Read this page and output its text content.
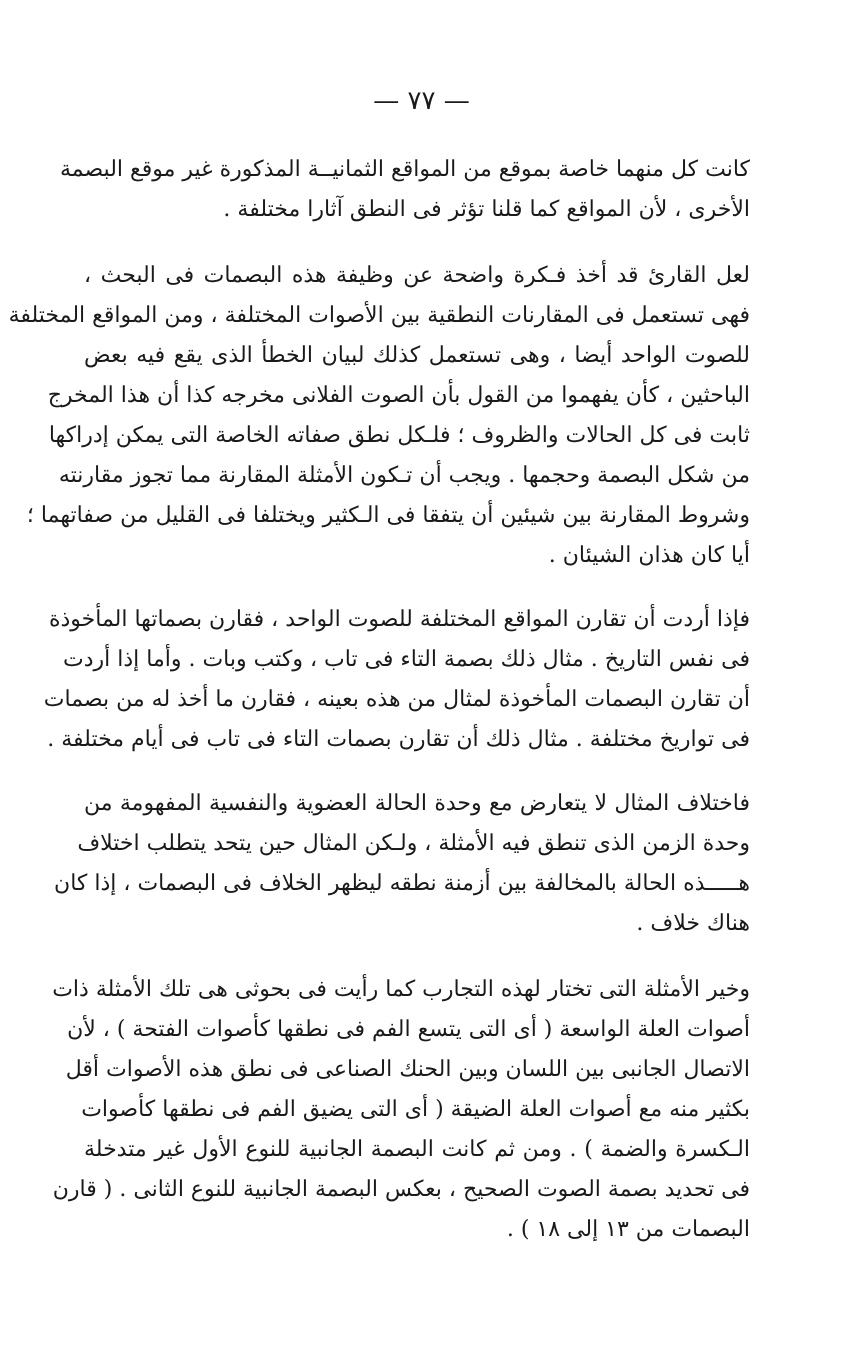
— ٧٧ —
كانت كل منهما خاصة بموقع من المواقع الثمانيــة المذكورة غير موقع البصمة
الأخرى ، لأن المواقع كما قلنا تؤثر فى النطق آثارا مختلفة .
لعل القارئ قد أخذ فـكرة واضحة عن وظيفة هذه البصمات فى البحث ،
فهى تستعمل فى المقارنات النطقية بين الأصوات المختلفة ، ومن المواقع المختلفة
للصوت الواحد أيضا ، وهى تستعمل كذلك لبيان الخطأ الذى يقع فيه بعض
الباحثين ، كأن يفهموا من القول بأن الصوت الفلانى مخرجه كذا أن هذا المخرج
ثابت فى كل الحالات والظروف ؛ فلـكل نطق صفاته الخاصة التى يمكن إدراكها
من شكل البصمة وحجمها . ويجب أن تـكون الأمثلة المقارنة مما تجوز مقارنته
وشروط المقارنة بين شيئين أن يتفقا فى الـكثير ويختلفا فى القليل من صفاتهما ؛
أيا كان هذان الشيئان .
فإذا أردت أن تقارن المواقع المختلفة للصوت الواحد ، فقارن بصماتها المأخوذة
فى نفس التاريخ . مثال ذلك بصمة التاء فى تاب ، وكتب وبات . وأما إذا أردت
أن تقارن البصمات المأخوذة لمثال من هذه بعينه ، فقارن ما أخذ له من بصمات
فى تواريخ مختلفة . مثال ذلك أن تقارن بصمات التاء فى تاب فى أيام مختلفة .
فاختلاف المثال لا يتعارض مع وحدة الحالة العضوية والنفسية المفهومة من
وحدة الزمن الذى تنطق فيه الأمثلة ، ولـكن المثال حين يتحد يتطلب اختلاف
هـــــذه الحالة بالمخالفة بين أزمنة نطقه ليظهر الخلاف فى البصمات ، إذا كان
هناك خلاف .
وخير الأمثلة التى تختار لهذه التجارب كما رأيت فى بحوثى هى تلك الأمثلة ذات
أصوات العلة الواسعة ( أى التى يتسع الفم فى نطقها كأصوات الفتحة ) ، لأن
الاتصال الجانبى بين اللسان وبين الحنك الصناعى فى نطق هذه الأصوات أقل
بكثير منه مع أصوات العلة الضيقة ( أى التى يضيق الفم فى نطقها كأصوات
الـكسرة والضمة ) . ومن ثم كانت البصمة الجانبية للنوع الأول غير متدخلة
فى تحديد بصمة الصوت الصحيح ، بعكس البصمة الجانبية للنوع الثانى . ( قارن
البصمات من ١٣ إلى ١٨ ) .
